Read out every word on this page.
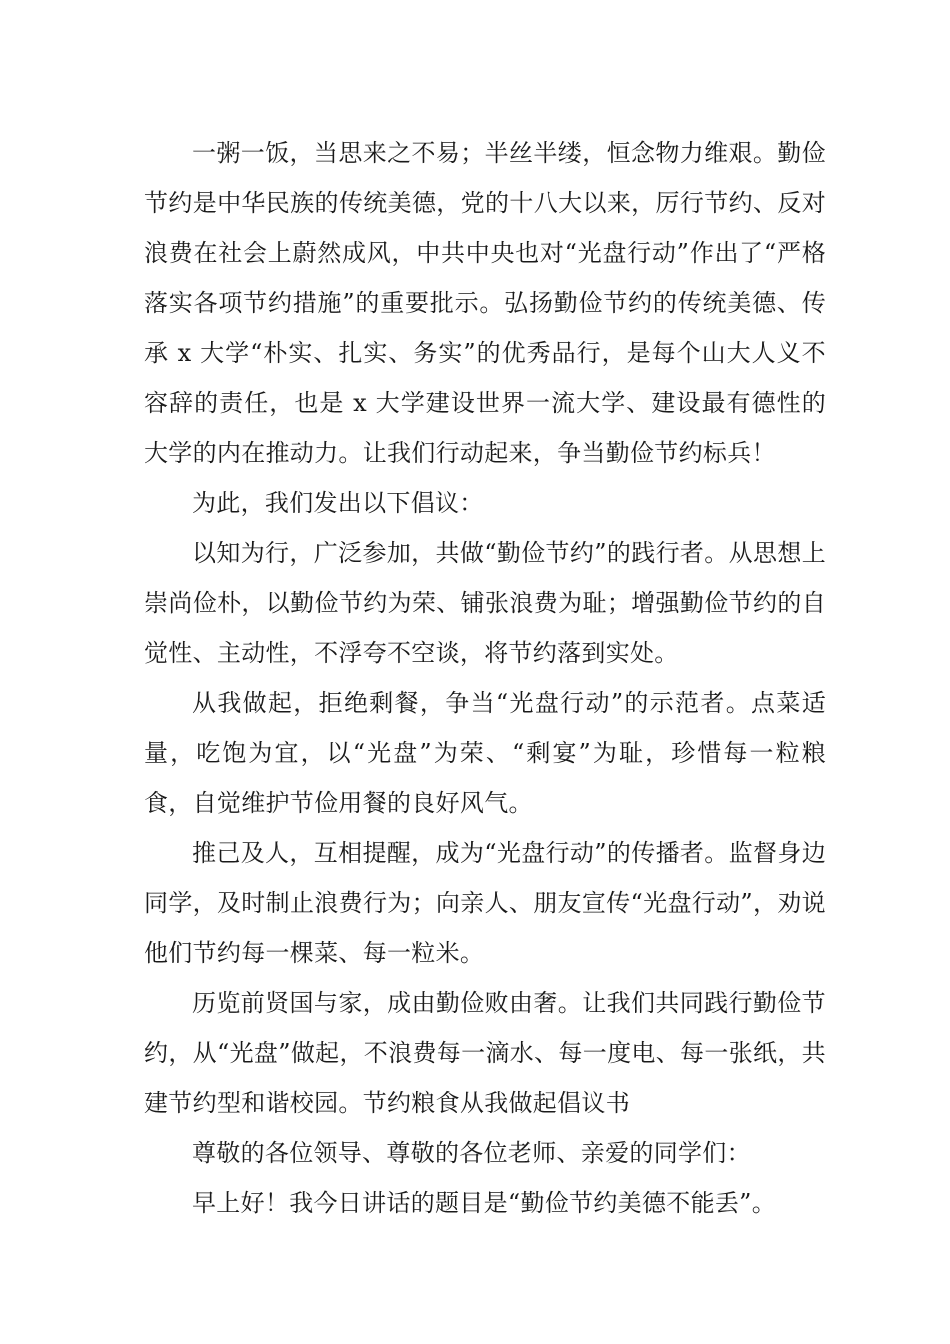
一粥一饭，当思来之不易；半丝半缕，恒念物力维艰。勤俭节约是中华民族的传统美德，党的十八大以来，厉行节约、反对浪费在社会上蔚然成风，中共中央也对“光盘行动”作出了“严格落实各项节约措施”的重要批示。弘扬勤俭节约的传统美德、传承 x 大学“朴实、扎实、务实”的优秀品行，是每个山大人义不容辞的责任，也是 x 大学建设世界一流大学、建设最有德性的大学的内在推动力。让我们行动起来，争当勤俭节约标兵！

为此，我们发出以下倡议：

以知为行，广泛参加，共做“勤俭节约”的践行者。从思想上崇尚俭朴，以勤俭节约为荣、铺张浪费为耻；增强勤俭节约的自觉性、主动性，不浮夸不空谈，将节约落到实处。

从我做起，拒绝剩餐，争当“光盘行动”的示范者。点菜适量，吃饱为宜，以“光盘”为荣、“剩宴”为耻，珍惜每一粒粮食，自觉维护节俭用餐的良好风气。

推己及人，互相提醒，成为“光盘行动”的传播者。监督身边同学，及时制止浪费行为；向亲人、朋友宣传“光盘行动”，劝说他们节约每一棵菜、每一粒米。

历览前贤国与家，成由勤俭败由奢。让我们共同践行勤俭节约，从“光盘”做起，不浪费每一滴水、每一度电、每一张纸，共建节约型和谐校园。节约粮食从我做起倡议书

尊敬的各位领导、尊敬的各位老师、亲爱的同学们：

早上好！我今日讲话的题目是“勤俭节约美德不能丢”。
